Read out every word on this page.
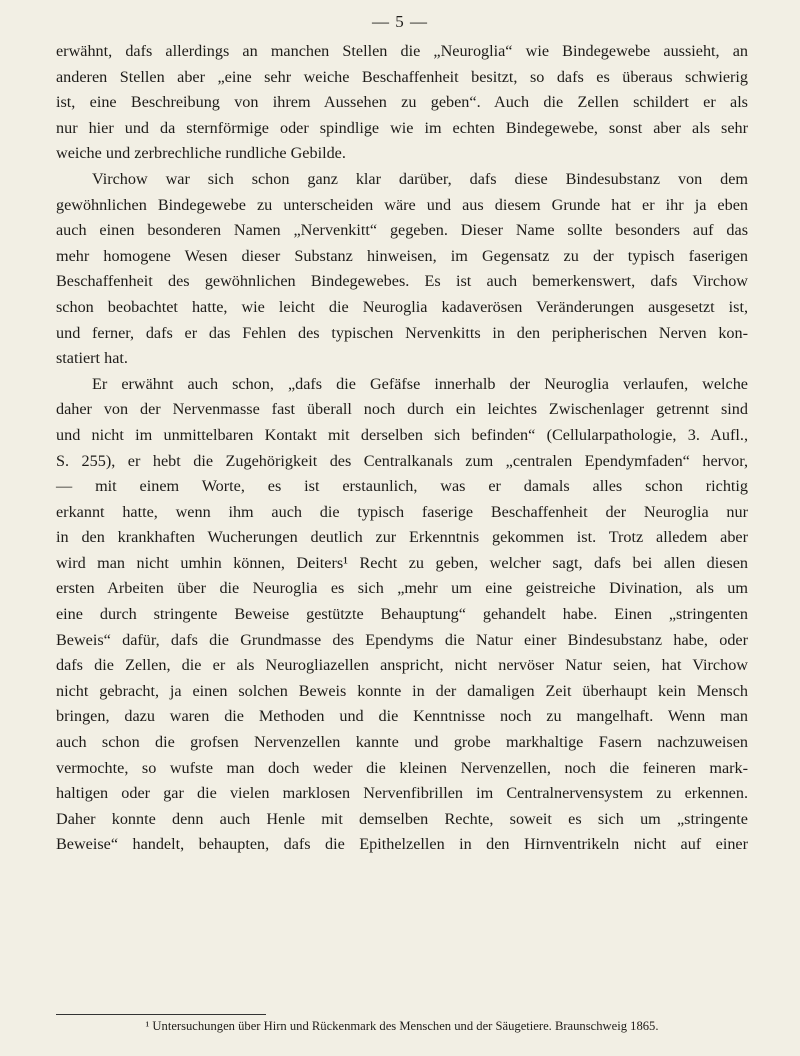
— 5 —

erwähnt, dafs allerdings an manchen Stellen die „Neuroglia“ wie Bindegewebe aussieht, an
anderen Stellen aber „eine sehr weiche Beschaffenheit besitzt, so dafs es überaus schwierig
ist, eine Beschreibung von ihrem Aussehen zu geben“. Auch die Zellen schildert er als
nur hier und da sternförmige oder spindlige wie im echten Bindegewebe, sonst aber als sehr
weiche und zerbrechliche rundliche Gebilde.

Virchow war sich schon ganz klar darüber, dafs diese Bindesubstanz von dem
gewöhnlichen Bindegewebe zu unterscheiden wäre und aus diesem Grunde hat er ihr ja eben
auch einen besonderen Namen „Nervenkitt“ gegeben. Dieser Name sollte besonders auf das
mehr homogene Wesen dieser Substanz hinweisen, im Gegensatz zu der typisch faserigen
Beschaffenheit des gewöhnlichen Bindegewebes. Es ist auch bemerkenswert, dafs Virchow
schon beobachtet hatte, wie leicht die Neuroglia kadaverösen Veränderungen ausgesetzt ist,
und ferner, dafs er das Fehlen des typischen Nervenkitts in den peripherischen Nerven kon-
statiert hat.

Er erwähnt auch schon, „dafs die Gefäfse innerhalb der Neuroglia verlaufen, welche
daher von der Nervenmasse fast überall noch durch ein leichtes Zwischenlager getrennt sind
und nicht im unmittelbaren Kontakt mit derselben sich befinden“ (Cellularpathologie, 3. Aufl.,
S. 255), er hebt die Zugehörigkeit des Centralkanals zum „centralen Ependymfaden“ hervor,
— mit einem Worte, es ist erstaunlich, was er damals alles schon richtig
erkannt hatte, wenn ihm auch die typisch faserige Beschaffenheit der Neuroglia nur
in den krankhaften Wucherungen deutlich zur Erkenntnis gekommen ist. Trotz alledem aber
wird man nicht umhin können, Deiters¹ Recht zu geben, welcher sagt, dafs bei allen diesen
ersten Arbeiten über die Neuroglia es sich „mehr um eine geistreiche Divination, als um
eine durch stringente Beweise gestützte Behauptung“ gehandelt habe. Einen „stringenten
Beweis“ dafür, dafs die Grundmasse des Ependyms die Natur einer Bindesubstanz habe, oder
dafs die Zellen, die er als Neurogliazellen anspricht, nicht nervöser Natur seien, hat Virchow
nicht gebracht, ja einen solchen Beweis konnte in der damaligen Zeit überhaupt kein Mensch
bringen, dazu waren die Methoden und die Kenntnisse noch zu mangelhaft. Wenn man
auch schon die grofsen Nervenzellen kannte und grobe markhaltige Fasern nachzuweisen
vermochte, so wufste man doch weder die kleinen Nervenzellen, noch die feineren mark-
haltigen oder gar die vielen marklosen Nervenfibrillen im Centralnervensystem zu erkennen.
Daher konnte denn auch Henle mit demselben Rechte, soweit es sich um „stringente
Beweise“ handelt, behaupten, dafs die Epithelzellen in den Hirnventrikeln nicht auf einer

¹ Untersuchungen über Hirn und Rückenmark des Menschen und der Säugetiere. Braunschweig 1865.
